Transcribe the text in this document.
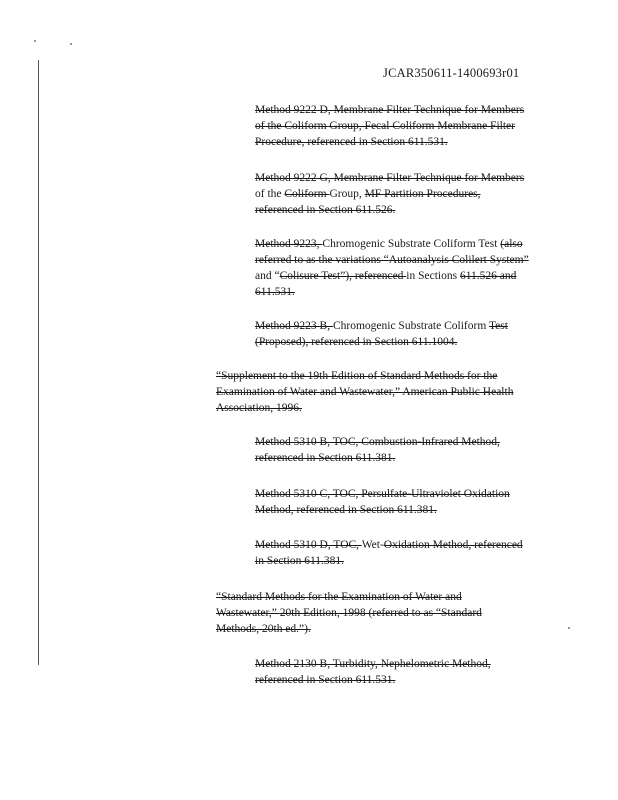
JCAR350611-1400693r01

Method 9222 D, Membrane Filter Technique for Members
of the Coliform Group, Fecal Coliform Membrane Filter
Procedure, referenced in Section 611.531.

Method 9222 G, Membrane Filter Technique for Members
of the Coliform Group, MF Partition Procedures,
referenced in Section 611.526.

Method 9223, Chromogenic Substrate Coliform Test (also
referred to as the variations “Autoanalysis Colilert System”
and “Colisure Test”), referenced in Sections 611.526 and
611.531.

Method 9223 B, Chromogenic Substrate Coliform Test
(Proposed), referenced in Section 611.1004.

“Supplement to the 19th Edition of Standard Methods for the
Examination of Water and Wastewater,” American Public Health
Association, 1996.

Method 5310 B, TOC, Combustion-Infrared Method,
referenced in Section 611.381.

Method 5310 C, TOC, Persulfate-Ultraviolet Oxidation
Method, referenced in Section 611.381.

Method 5310 D, TOC, Wet-Oxidation Method, referenced
in Section 611.381.

“Standard Methods for the Examination of Water and
Wastewater,” 20th Edition, 1998 (referred to as “Standard
Methods, 20th ed.”).

Method 2130 B, Turbidity, Nephelometric Method,
referenced in Section 611.531.
